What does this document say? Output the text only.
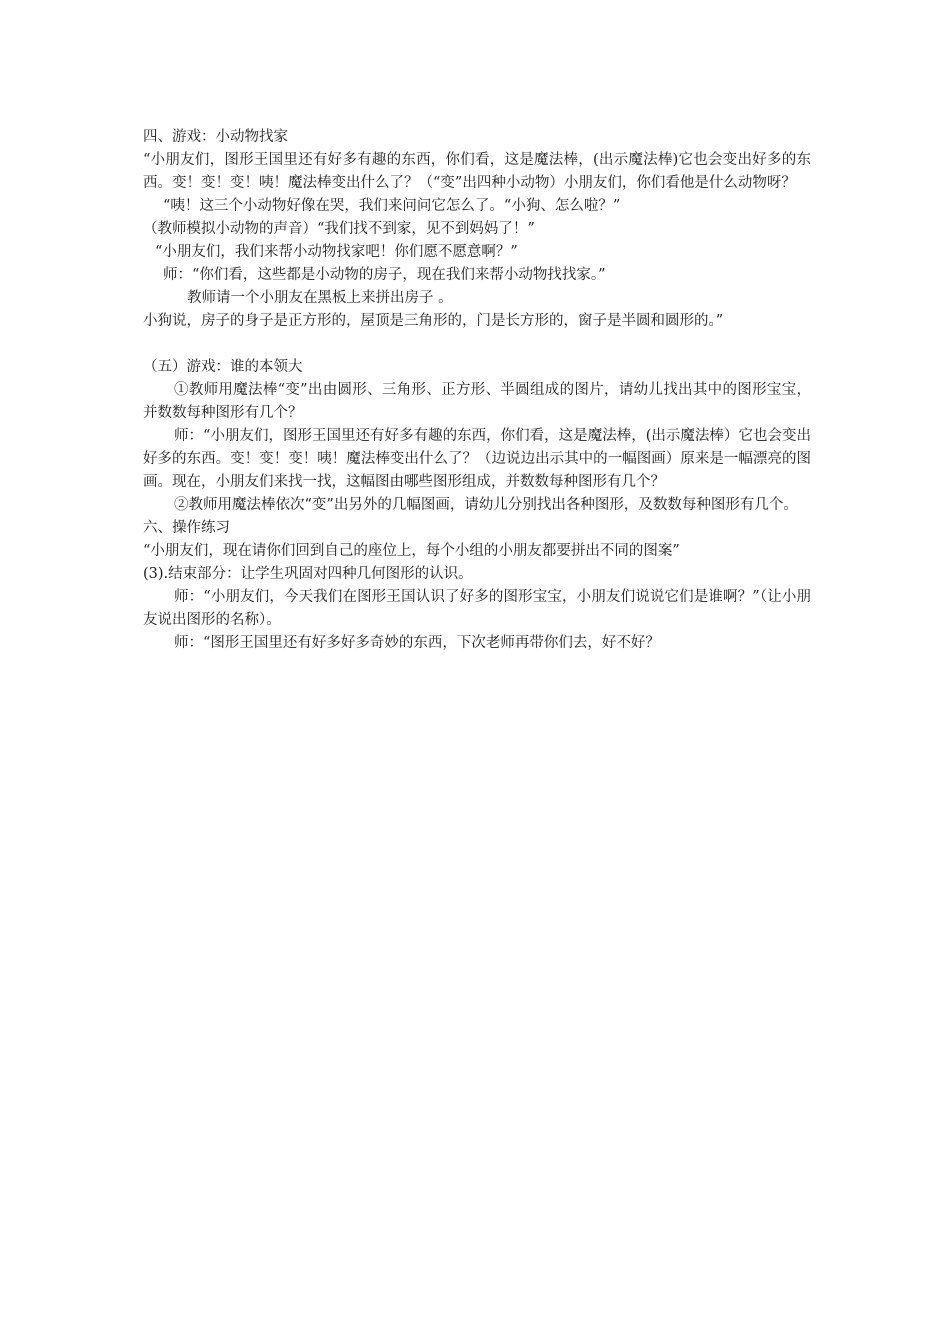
四、游戏：小动物找家

“小朋友们，图形王国里还有好多有趣的东西，你们看，这是魔法棒，(出示魔法棒)它也会变出好多的东西。变！变！变！咦！魔法棒变出什么了？（“变”出四种小动物）小朋友们，你们看他是什么动物呀？

“咦！这三个小动物好像在哭，我们来问问它怎么了。“小狗、怎么啦？”

（教师模拟小动物的声音）“我们找不到家，见不到妈妈了！”

“小朋友们，我们来帮小动物找家吧！你们愿不愿意啊？”

师：“你们看，这些都是小动物的房子，现在我们来帮小动物找找家。”

教师请一个小朋友在黑板上来拼出房子 。

小狗说，房子的身子是正方形的，屋顶是三角形的，门是长方形的，窗子是半圆和圆形的。”

（五）游戏：谁的本领大

①教师用魔法棒“变”出由圆形、三角形、正方形、半圆组成的图片，请幼儿找出其中的图形宝宝，并数数每种图形有几个？

师：“小朋友们，图形王国里还有好多有趣的东西，你们看，这是魔法棒，(出示魔法棒）它也会变出好多的东西。变！变！变！咦！魔法棒变出什么了？（边说边出示其中的一幅图画）原来是一幅漂亮的图画。现在，小朋友们来找一找，这幅图由哪些图形组成，并数数每种图形有几个？

②教师用魔法棒依次“变”出另外的几幅图画，请幼儿分别找出各种图形，及数数每种图形有几个。

六、操作练习

“小朋友们，现在请你们回到自己的座位上，每个小组的小朋友都要拼出不同的图案”

(3).结束部分：让学生巩固对四种几何图形的认识。

师：“小朋友们，今天我们在图形王国认识了好多的图形宝宝，小朋友们说说它们是谁啊？”（让小朋友说出图形的名称）。

师：“图形王国里还有好多好多奇妙的东西，下次老师再带你们去，好不好？
